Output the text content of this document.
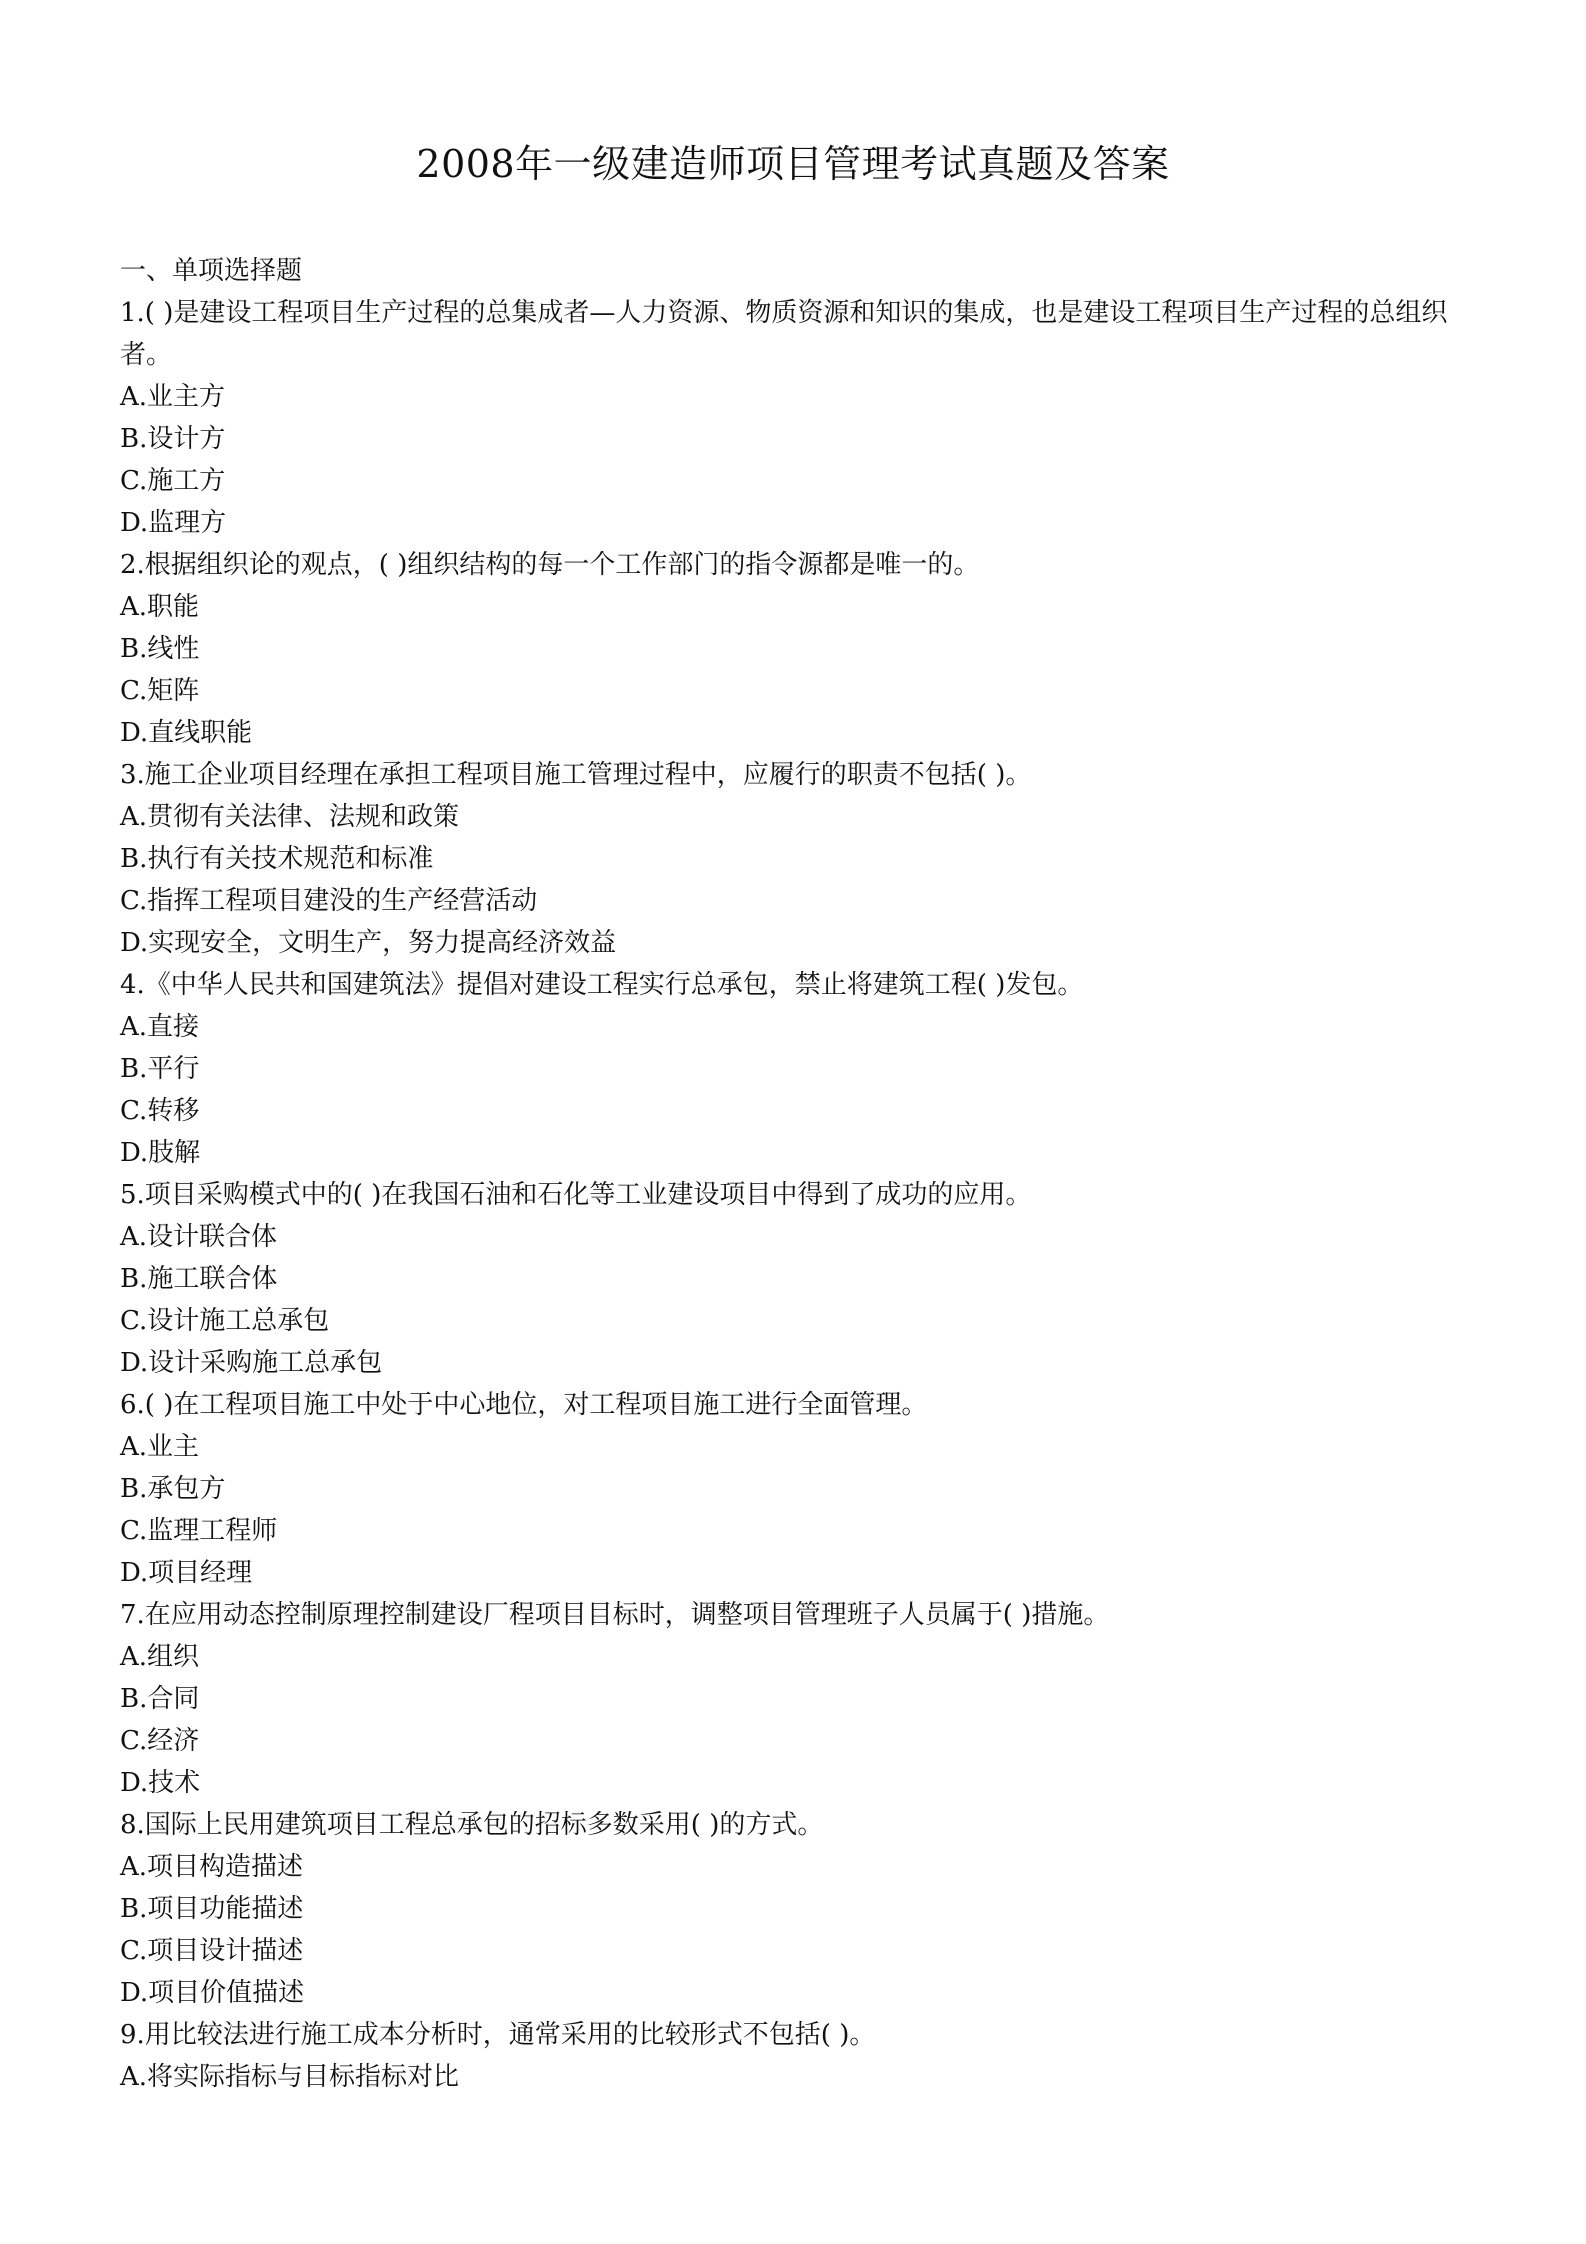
2008年一级建造师项目管理考试真题及答案

一、单项选择题

1.( )是建设工程项目生产过程的总集成者—人力资源、物质资源和知识的集成，也是建设工程项目生产过程的总组织者。

A.业主方

B.设计方

C.施工方

D.监理方

2.根据组织论的观点，( )组织结构的每一个工作部门的指令源都是唯一的。

A.职能

B.线性

C.矩阵

D.直线职能

3.施工企业项目经理在承担工程项目施工管理过程中，应履行的职责不包括( )。

A.贯彻有关法律、法规和政策

B.执行有关技术规范和标准

C.指挥工程项目建没的生产经营活动

D.实现安全，文明生产，努力提高经济效益

4.《中华人民共和国建筑法》提倡对建设工程实行总承包，禁止将建筑工程( )发包。

A.直接

B.平行

C.转移

D.肢解

5.项目采购模式中的( )在我国石油和石化等工业建设项目中得到了成功的应用。

A.设计联合体

B.施工联合体

C.设计施工总承包

D.设计采购施工总承包

6.( )在工程项目施工中处于中心地位，对工程项目施工进行全面管理。

A.业主

B.承包方

C.监理工程师

D.项目经理

7.在应用动态控制原理控制建设厂程项目目标时，调整项目管理班子人员属于( )措施。

A.组织

B.合同

C.经济

D.技术

8.国际上民用建筑项目工程总承包的招标多数采用( )的方式。

A.项目构造描述

B.项目功能描述

C.项目设计描述

D.项目价值描述

9.用比较法进行施工成本分析时，通常采用的比较形式不包括( )。

A.将实际指标与目标指标对比
